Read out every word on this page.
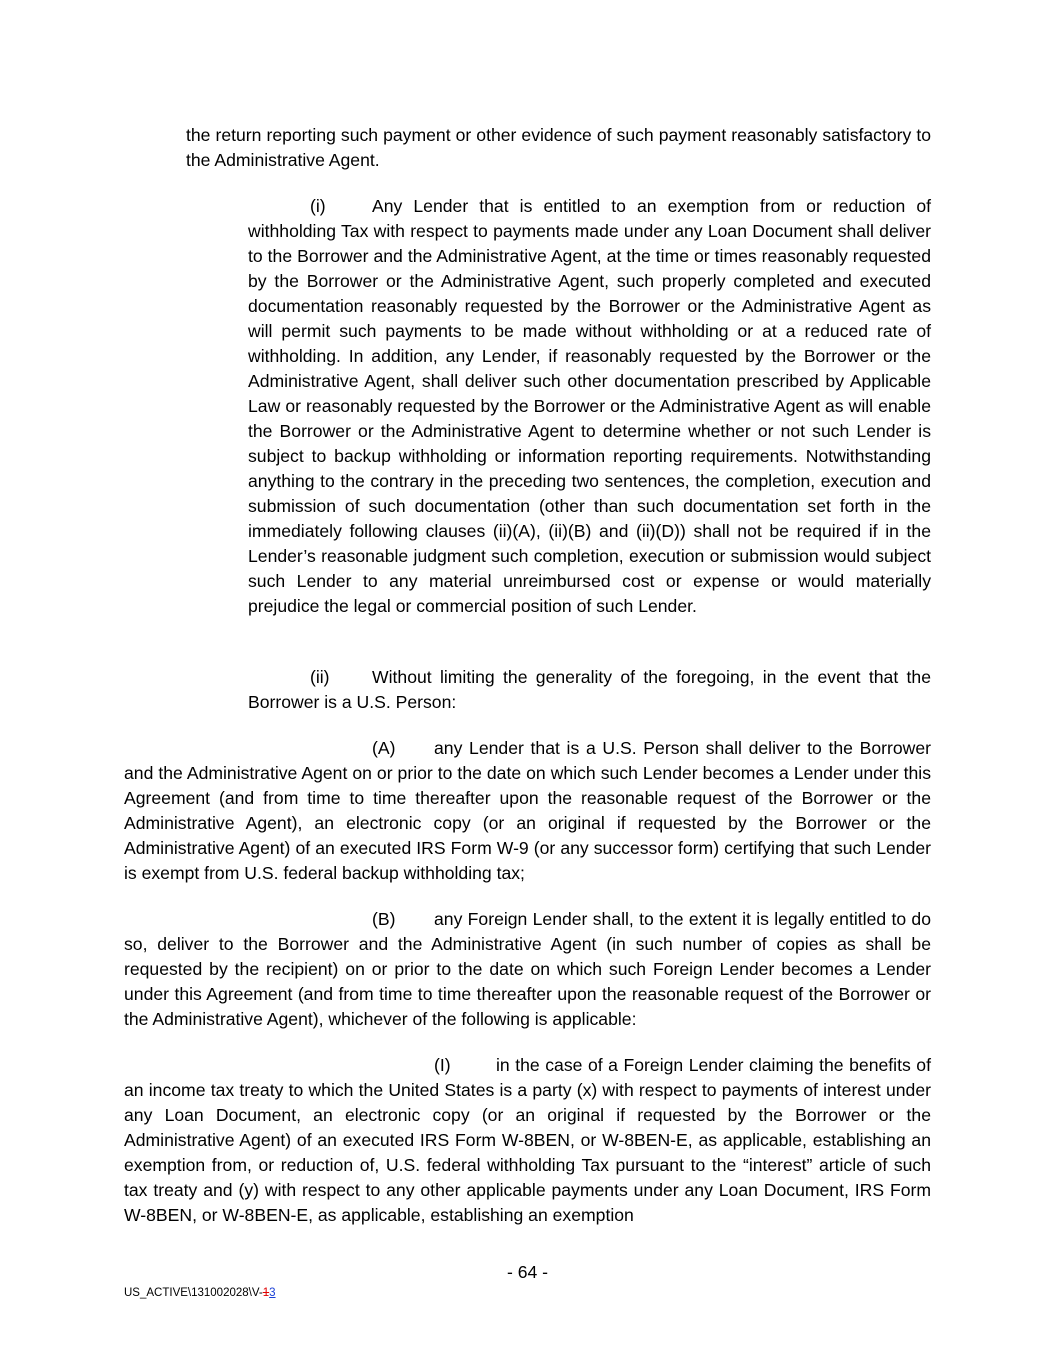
the return reporting such payment or other evidence of such payment reasonably satisfactory to the Administrative Agent.

(i)	Any Lender that is entitled to an exemption from or reduction of withholding Tax with respect to payments made under any Loan Document shall deliver to the Borrower and the Administrative Agent, at the time or times reasonably requested by the Borrower or the Administrative Agent, such properly completed and executed documentation reasonably requested by the Borrower or the Administrative Agent as will permit such payments to be made without withholding or at a reduced rate of withholding. In addition, any Lender, if reasonably requested by the Borrower or the Administrative Agent, shall deliver such other documentation prescribed by Applicable Law or reasonably requested by the Borrower or the Administrative Agent as will enable the Borrower or the Administrative Agent to determine whether or not such Lender is subject to backup withholding or information reporting requirements. Notwithstanding anything to the contrary in the preceding two sentences, the completion, execution and submission of such documentation (other than such documentation set forth in the immediately following clauses (ii)(A), (ii)(B) and (ii)(D)) shall not be required if in the Lender’s reasonable judgment such completion, execution or submission would subject such Lender to any material unreimbursed cost or expense or would materially prejudice the legal or commercial position of such Lender.

(ii) Without limiting the generality of the foregoing, in the event that the Borrower is a U.S. Person:

(A) any Lender that is a U.S. Person shall deliver to the Borrower and the Administrative Agent on or prior to the date on which such Lender becomes a Lender under this Agreement (and from time to time thereafter upon the reasonable request of the Borrower or the Administrative Agent), an electronic copy (or an original if requested by the Borrower or the Administrative Agent) of an executed IRS Form W-9 (or any successor form) certifying that such Lender is exempt from U.S. federal backup withholding tax;

(B) any Foreign Lender shall, to the extent it is legally entitled to do so, deliver to the Borrower and the Administrative Agent (in such number of copies as shall be requested by the recipient) on or prior to the date on which such Foreign Lender becomes a Lender under this Agreement (and from time to time thereafter upon the reasonable request of the Borrower or the Administrative Agent), whichever of the following is applicable:

(I)	in the case of a Foreign Lender claiming the benefits of an income tax treaty to which the United States is a party (x) with respect to payments of interest under any Loan Document, an electronic copy (or an original if requested by the Borrower or the Administrative Agent) of an executed IRS Form W-8BEN, or W-8BEN-E, as applicable, establishing an exemption from, or reduction of, U.S. federal withholding Tax pursuant to the “interest” article of such tax treaty and (y) with respect to any other applicable payments under any Loan Document, IRS Form W-8BEN, or W-8BEN-E, as applicable, establishing an exemption

- 64 -
US_ACTIVE\131002028\V-13
